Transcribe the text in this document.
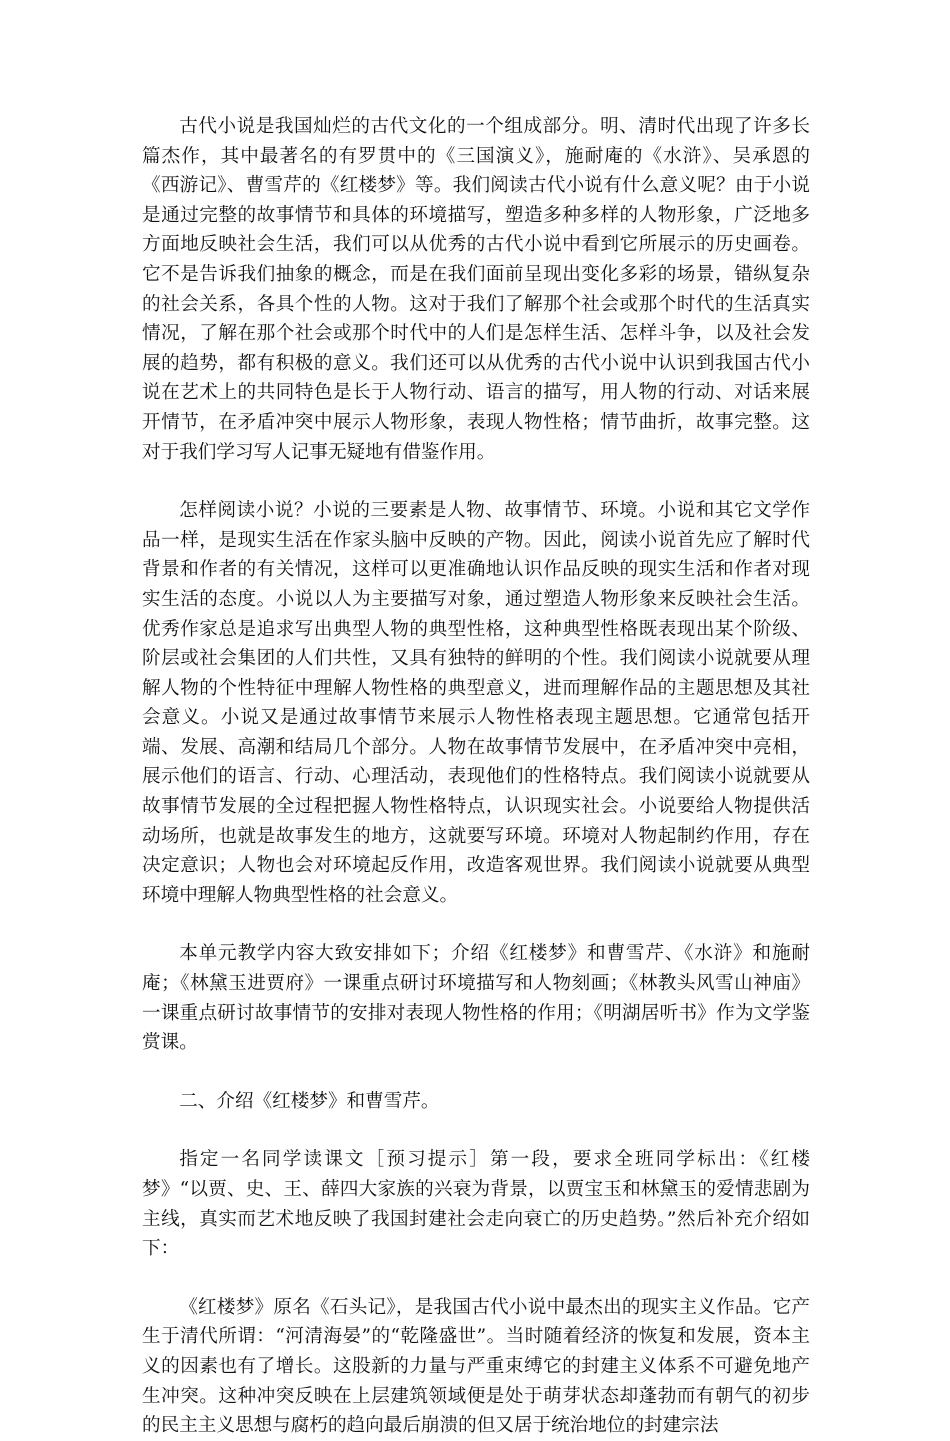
古代小说是我国灿烂的古代文化的一个组成部分。明、清时代出现了许多长篇杰作，其中最著名的有罗贯中的《三国演义》，施耐庵的《水浒》、吴承恩的《西游记》、曹雪芹的《红楼梦》等。我们阅读古代小说有什么意义呢？由于小说是通过完整的故事情节和具体的环境描写，塑造多种多样的人物形象，广泛地多方面地反映社会生活，我们可以从优秀的古代小说中看到它所展示的历史画卷。它不是告诉我们抽象的概念，而是在我们面前呈现出变化多彩的场景，错纵复杂的社会关系，各具个性的人物。这对于我们了解那个社会或那个时代的生活真实情况，了解在那个社会或那个时代中的人们是怎样生活、怎样斗争，以及社会发展的趋势，都有积极的意义。我们还可以从优秀的古代小说中认识到我国古代小说在艺术上的共同特色是长于人物行动、语言的描写，用人物的行动、对话来展开情节，在矛盾冲突中展示人物形象，表现人物性格；情节曲折，故事完整。这对于我们学习写人记事无疑地有借鉴作用。

怎样阅读小说？小说的三要素是人物、故事情节、环境。小说和其它文学作品一样，是现实生活在作家头脑中反映的产物。因此，阅读小说首先应了解时代背景和作者的有关情况，这样可以更准确地认识作品反映的现实生活和作者对现实生活的态度。小说以人为主要描写对象，通过塑造人物形象来反映社会生活。优秀作家总是追求写出典型人物的典型性格，这种典型性格既表现出某个阶级、阶层或社会集团的人们共性，又具有独特的鲜明的个性。我们阅读小说就要从理解人物的个性特征中理解人物性格的典型意义，进而理解作品的主题思想及其社会意义。小说又是通过故事情节来展示人物性格表现主题思想。它通常包括开端、发展、高潮和结局几个部分。人物在故事情节发展中，在矛盾冲突中亮相，展示他们的语言、行动、心理活动，表现他们的性格特点。我们阅读小说就要从故事情节发展的全过程把握人物性格特点，认识现实社会。小说要给人物提供活动场所，也就是故事发生的地方，这就要写环境。环境对人物起制约作用，存在决定意识；人物也会对环境起反作用，改造客观世界。我们阅读小说就要从典型环境中理解人物典型性格的社会意义。

本单元教学内容大致安排如下；介绍《红楼梦》和曹雪芹、《水浒》和施耐庵；《林黛玉进贾府》一课重点研讨环境描写和人物刻画；《林教头风雪山神庙》一课重点研讨故事情节的安排对表现人物性格的作用；《明湖居听书》作为文学鉴赏课。

二、介绍《红楼梦》和曹雪芹。

指定一名同学读课文［预习提示］第一段，要求全班同学标出：《红楼梦》“以贾、史、王、薛四大家族的兴衰为背景，以贾宝玉和林黛玉的爱情悲剧为主线，真实而艺术地反映了我国封建社会走向衰亡的历史趋势。”然后补充介绍如下：

《红楼梦》原名《石头记》，是我国古代小说中最杰出的现实主义作品。它产生于清代所谓：“河清海晏”的“乾隆盛世”。当时随着经济的恢复和发展，资本主义的因素也有了增长。这股新的力量与严重束缚它的封建主义体系不可避免地产生冲突。这种冲突反映在上层建筑领域便是处于萌芽状态却蓬勃而有朝气的初步的民主主义思想与腐朽的趋向最后崩溃的但又居于统治地位的封建宗法
